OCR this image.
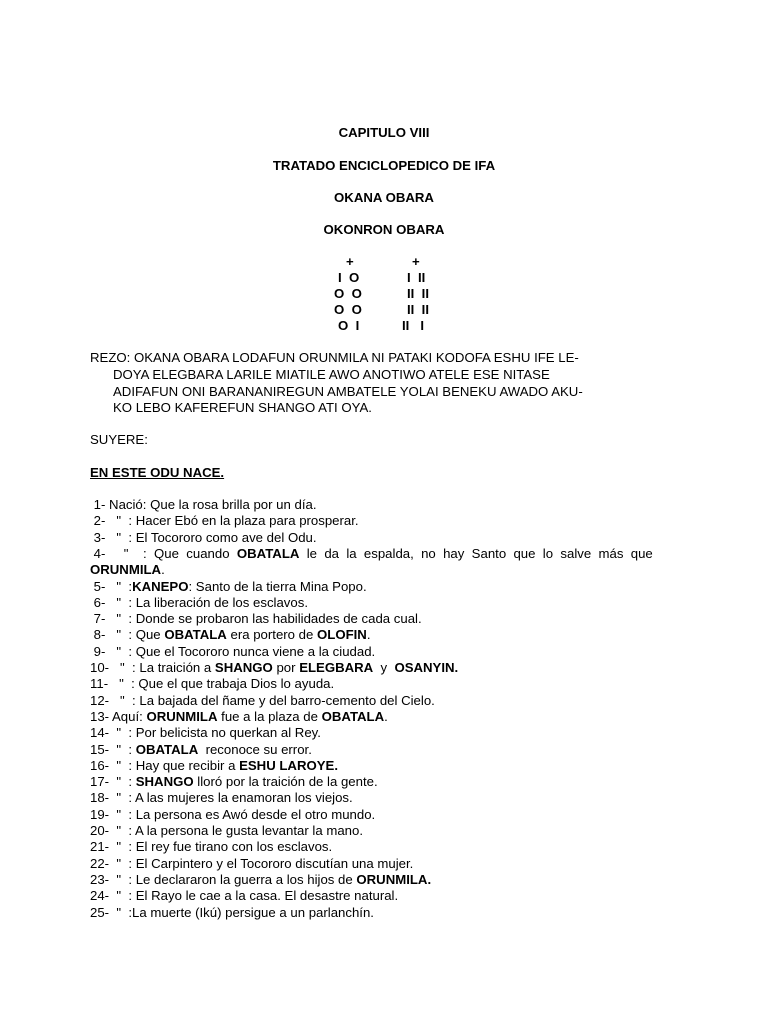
CAPITULO VIII
TRATADO ENCICLOPEDICO DE IFA
OKANA OBARA
OKONRON OBARA
+
I  O
O  O
O  O
O  I
+
I  II
II  II
II  II
II   I
REZO: OKANA OBARA LODAFUN ORUNMILA NI PATAKI KODOFA ESHU IFE LE-
DOYA ELEGBARA LARILE MIATILE AWO ANOTIWO ATELE ESE NITASE
ADIFAFUN ONI BARANANIREGUN AMBATELE YOLAI BENEKU AWADO AKU-
KO LEBO KAFEREFUN SHANGO ATI OYA.
SUYERE:
EN ESTE ODU NACE.
1- Nació: Que la rosa brilla por un día.
2-   "  : Hacer Ebó en la plaza para prosperar.
3-   "  : El Tocororo como ave del Odu.
4-     "    :  Que  cuando  OBATALA  le  da  la  espalda,  no  hay  Santo  que  lo  salve  más  que
ORUNMILA.
5-   "  :KANEPO: Santo de la tierra Mina Popo.
6-   "  : La liberación de los esclavos.
7-   "  : Donde se probaron las habilidades de cada cual.
8-   "  : Que OBATALA era portero de OLOFIN.
9-   "  : Que el Tocororo nunca viene a la ciudad.
10-   "  : La traición a SHANGO por ELEGBARA  y  OSANYIN.
11-   "  : Que el que trabaja Dios lo ayuda.
12-   "  : La bajada del ñame y del barro-cemento del Cielo.
13- Aquí: ORUNMILA fue a la plaza de OBATALA.
14-  "  : Por belicista no querkan al Rey.
15-  "  : OBATALA  reconoce su error.
16-  "  : Hay que recibir a ESHU LAROYE.
17-  "  : SHANGO lloró por la traición de la gente.
18-  "  : A las mujeres la enamoran los viejos.
19-  "  : La persona es Awó desde el otro mundo.
20-  "  : A la persona le gusta levantar la mano.
21-  "  : El rey fue tirano con los esclavos.
22-  "  : El Carpintero y el Tocororo discutían una mujer.
23-  "  : Le declararon la guerra a los hijos de ORUNMILA.
24-  "  : El Rayo le cae a la casa. El desastre natural.
25-  "  :La muerte (Ikú) persigue a un parlanchín.
